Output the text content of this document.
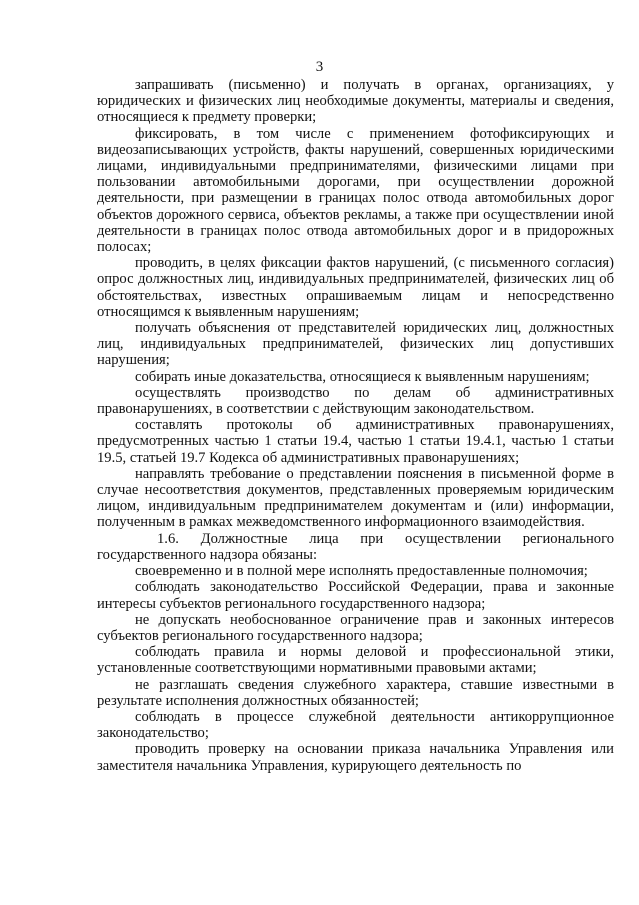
3

запрашивать (письменно) и получать в органах, организациях, у юридических и физических лиц необходимые документы, материалы и сведения, относящиеся к предмету проверки;

фиксировать, в том числе с применением фотофиксирующих и видеозаписывающих устройств, факты нарушений, совершенных юридическими лицами, индивидуальными предпринимателями, физическими лицами при пользовании автомобильными дорогами, при осуществлении дорожной деятельности, при размещении в границах полос отвода автомобильных дорог объектов дорожного сервиса, объектов рекламы, а также при осуществлении иной деятельности в границах полос отвода автомобильных дорог и в придорожных полосах;

проводить, в целях фиксации фактов нарушений, (с письменного согласия) опрос должностных лиц, индивидуальных предпринимателей, физических лиц об обстоятельствах, известных опрашиваемым лицам и непосредственно относящимся к выявленным нарушениям;

получать объяснения от представителей юридических лиц, должностных лиц, индивидуальных предпринимателей, физических лиц допустивших нарушения;

собирать иные доказательства, относящиеся к выявленным нарушениям;

осуществлять производство по делам об административных правонарушениях, в соответствии с действующим законодательством.

составлять протоколы об административных правонарушениях, предусмотренных частью 1 статьи 19.4, частью 1 статьи 19.4.1, частью 1 статьи 19.5, статьей 19.7 Кодекса об административных правонарушениях;

направлять требование о представлении пояснения в письменной форме в случае несоответствия документов, представленных проверяемым юридическим лицом, индивидуальным предпринимателем документам и (или) информации, полученным в рамках межведомственного информационного взаимодействия.

1.6. Должностные лица при осуществлении регионального государственного надзора обязаны:

своевременно и в полной мере исполнять предоставленные полномочия;

соблюдать законодательство Российской Федерации, права и законные интересы субъектов регионального государственного надзора;

не допускать необоснованное ограничение прав и законных интересов субъектов регионального государственного надзора;

соблюдать правила и нормы деловой и профессиональной этики, установленные соответствующими нормативными правовыми актами;

не разглашать сведения служебного характера, ставшие известными в результате исполнения должностных обязанностей;

соблюдать в процессе служебной деятельности антикоррупционное законодательство;

проводить проверку на основании приказа начальника Управления или заместителя начальника Управления, курирующего деятельность по
